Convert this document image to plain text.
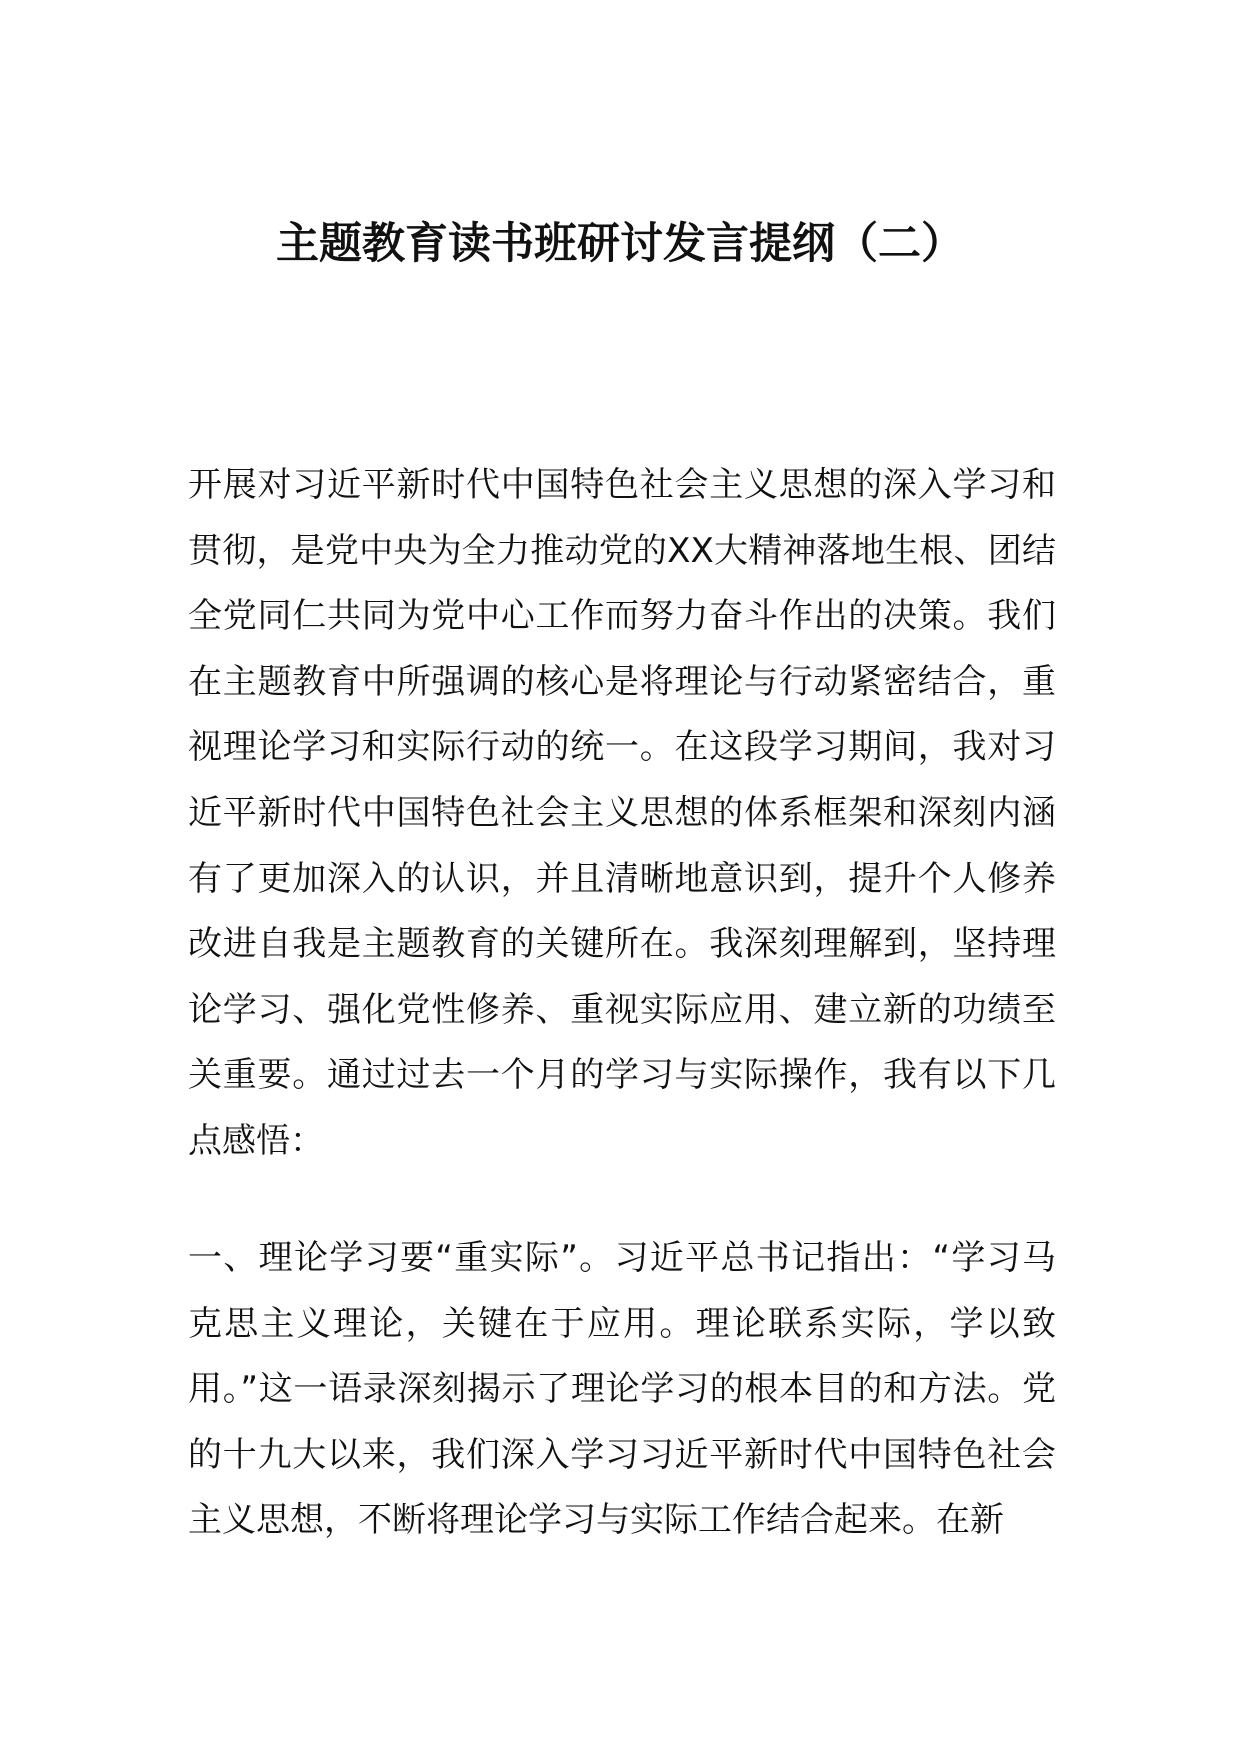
主题教育读书班研讨发言提纲（二）

开展对习近平新时代中国特色社会主义思想的深入学习和贯彻，是党中央为全力推动党的XX大精神落地生根、团结全党同仁共同为党中心工作而努力奋斗作出的决策。我们在主题教育中所强调的核心是将理论与行动紧密结合，重视理论学习和实际行动的统一。在这段学习期间，我对习近平新时代中国特色社会主义思想的体系框架和深刻内涵有了更加深入的认识，并且清晰地意识到，提升个人修养改进自我是主题教育的关键所在。我深刻理解到，坚持理论学习、强化党性修养、重视实际应用、建立新的功绩至关重要。通过过去一个月的学习与实际操作，我有以下几点感悟：

一、理论学习要“重实际”。习近平总书记指出：“学习马克思主义理论，关键在于应用。理论联系实际，学以致用。”这一语录深刻揭示了理论学习的根本目的和方法。党的十九大以来，我们深入学习习近平新时代中国特色社会主义思想，不断将理论学习与实际工作结合起来。在新
